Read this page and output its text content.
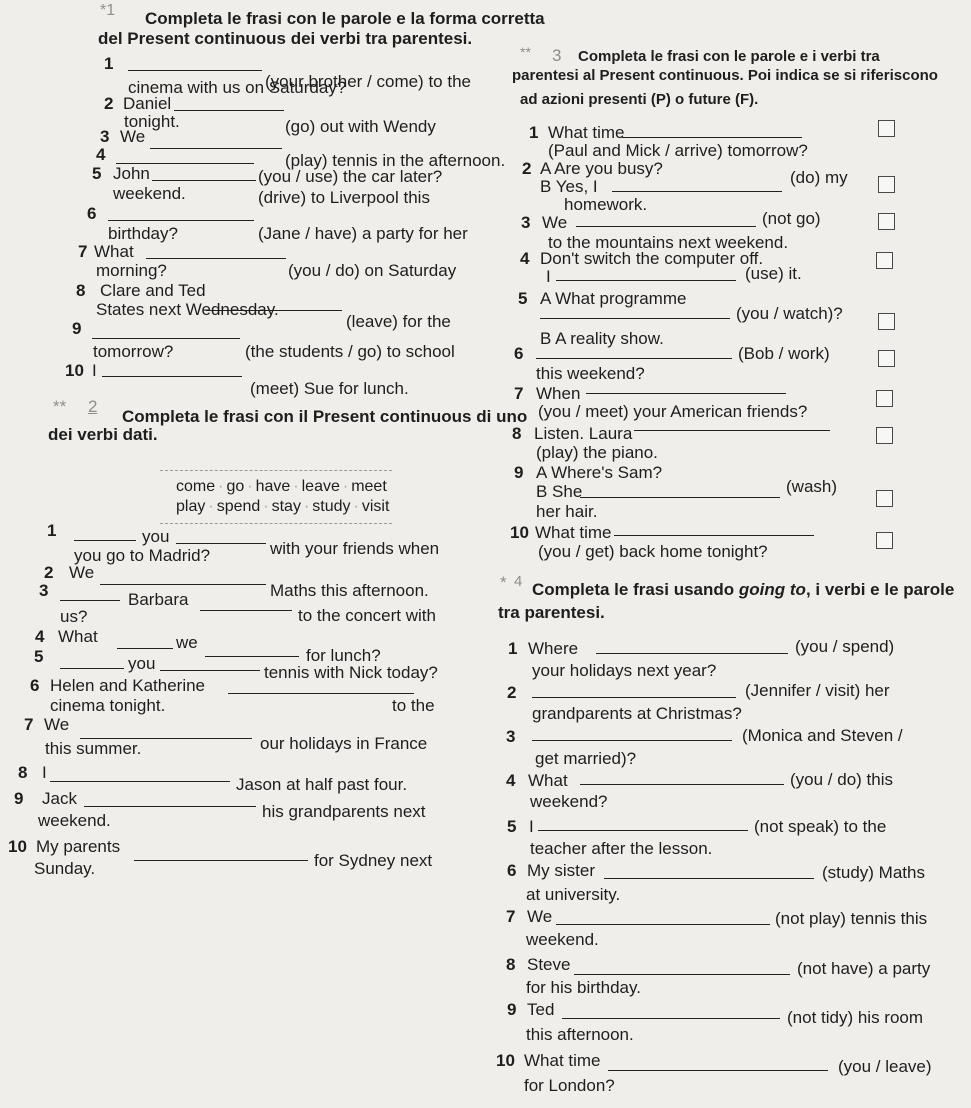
*1 Completa le frasi con le parole e la forma corretta
del Present continuous dei verbi tra parentesi.
1
(your brother / come) to the
cinema with us on Saturday?
2 Daniel
(go) out with Wendy
tonight.
3 We
(play) tennis in the afternoon.
4
(you / use) the car later?
5 John
(drive) to Liverpool this
weekend.
6
(Jane / have) a party for her
birthday?
7 What
(you / do) on Saturday
morning?
8 Clare and Ted
(leave) for the
States next Wednesday.
9
(the students / go) to school
tomorrow?
10 I
(meet) Sue for lunch.
** 2
Completa le frasi con il Present continuous di uno
dei verbi dati.
come · go · have · leave · meet
play · spend · stay · study · visit
1	you
with your friends when
you go to Madrid?
2 We
Maths this afternoon.
3	Barbara
to the concert with
us?
4 What	we
for lunch?
5	you	tennis with Nick today?
6 Helen and Katherine
to the
cinema tonight.
7 We
our holidays in France
this summer.
8 I
Jason at half past four.
9 Jack
his grandparents next
weekend.
10 My parents
for Sydney next
Sunday.
** 3 Completa le frasi con le parole e i verbi tra
parentesi al Present continuous. Poi indica se si riferiscono
ad azioni presenti (P) o future (F).
1 What time
(Paul and Mick / arrive) tomorrow?
2 A Are you busy?
B Yes, I	(do) my
homework.
3 We	(not go)
to the mountains next weekend.
4 Don't switch the computer off.
I	(use) it.
5 A What programme
(you / watch)?
B A reality show.
6	(Bob / work)
this weekend?
7 When
(you / meet) your American friends?
8 Listen. Laura
(play) the piano.
9 A Where's Sam?
B She	(wash)
her hair.
10 What time
(you / get) back home tonight?
* 4 Completa le frasi usando going to, i verbi e le parole
tra parentesi.
1 Where	(you / spend)
your holidays next year?
2	(Jennifer / visit) her
grandparents at Christmas?
3	(Monica and Steven /
get married)?
4 What	(you / do) this
weekend?
5 I	(not speak) to the
teacher after the lesson.
6 My sister	(study) Maths
at university.
7 We	(not play) tennis this
weekend.
8 Steve	(not have) a party
for his birthday.
9 Ted	(not tidy) his room
this afternoon.
10 What time	(you / leave)
for London?
